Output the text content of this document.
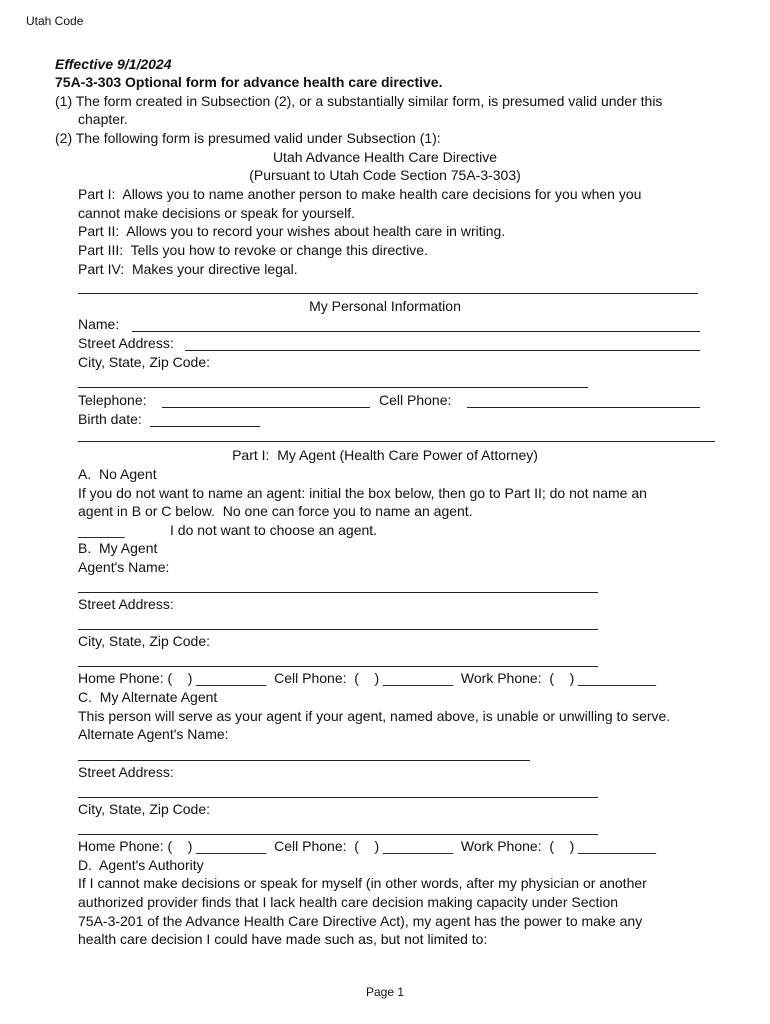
Utah Code
Effective 9/1/2024
75A-3-303 Optional form for advance health care directive.
(1) The form created in Subsection (2), or a substantially similar form, is presumed valid under this
chapter.
(2) The following form is presumed valid under Subsection (1):
Utah Advance Health Care Directive
(Pursuant to Utah Code Section 75A-3-303)
Part I:  Allows you to name another person to make health care decisions for you when you
cannot make decisions or speak for yourself.
Part II:  Allows you to record your wishes about health care in writing.
Part III:  Tells you how to revoke or change this directive.
Part IV:  Makes your directive legal.
My Personal Information
Name:
Street Address:
City, State, Zip Code:
Telephone:	Cell Phone:
Birth date:
Part I:  My Agent (Health Care Power of Attorney)
A.  No Agent
If you do not want to name an agent: initial the box below, then go to Part II; do not name an
agent in B or C below.  No one can force you to name an agent.
______	I do not want to choose an agent.
B.  My Agent
Agent's Name:
Street Address:
City, State, Zip Code:
Home Phone: (    ) _________  Cell Phone:  (    ) _________  Work Phone:  (    ) __________
C.  My Alternate Agent
This person will serve as your agent if your agent, named above, is unable or unwilling to serve.
Alternate Agent's Name:
Street Address:
City, State, Zip Code:
Home Phone: (    ) _________  Cell Phone:  (    ) _________  Work Phone:  (    ) __________
D.  Agent's Authority
If I cannot make decisions or speak for myself (in other words, after my physician or another
authorized provider finds that I lack health care decision making capacity under Section
75A-3-201 of the Advance Health Care Directive Act), my agent has the power to make any
health care decision I could have made such as, but not limited to:
Page 1
